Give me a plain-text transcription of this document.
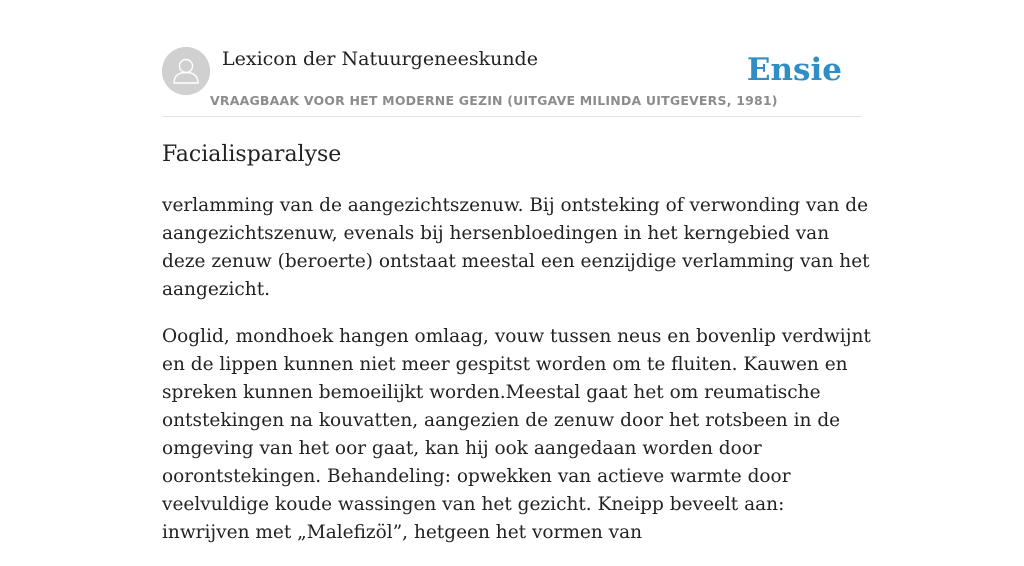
Lexicon der Natuurgeneeskunde
VRAAGBAAK VOOR HET MODERNE GEZIN (UITGAVE MILINDA UITGEVERS, 1981)
Ensie
Facialisparalyse

verlamming van de aangezichtszenuw. Bij ontsteking of verwonding van de aangezichtszenuw, evenals bij hersenbloedingen in het kerngebied van deze zenuw (beroerte) ontstaat meestal een eenzijdige verlamming van het aangezicht.

Ooglid, mondhoek hangen omlaag, vouw tussen neus en bovenlip verdwijnt en de lippen kunnen niet meer gespitst worden om te fluiten. Kauwen en spreken kunnen bemoeilijkt worden.Meestal gaat het om reumatische ontstekingen na kouvatten, aangezien de zenuw door het rotsbeen in de omgeving van het oor gaat, kan hij ook aangedaan worden door oorontstekingen. Behandeling: opwekken van actieve warmte door veelvuldige koude wassingen van het gezicht. Kneipp beveelt aan: inwrijven met „Malefizöl”, hetgeen het vormen van
